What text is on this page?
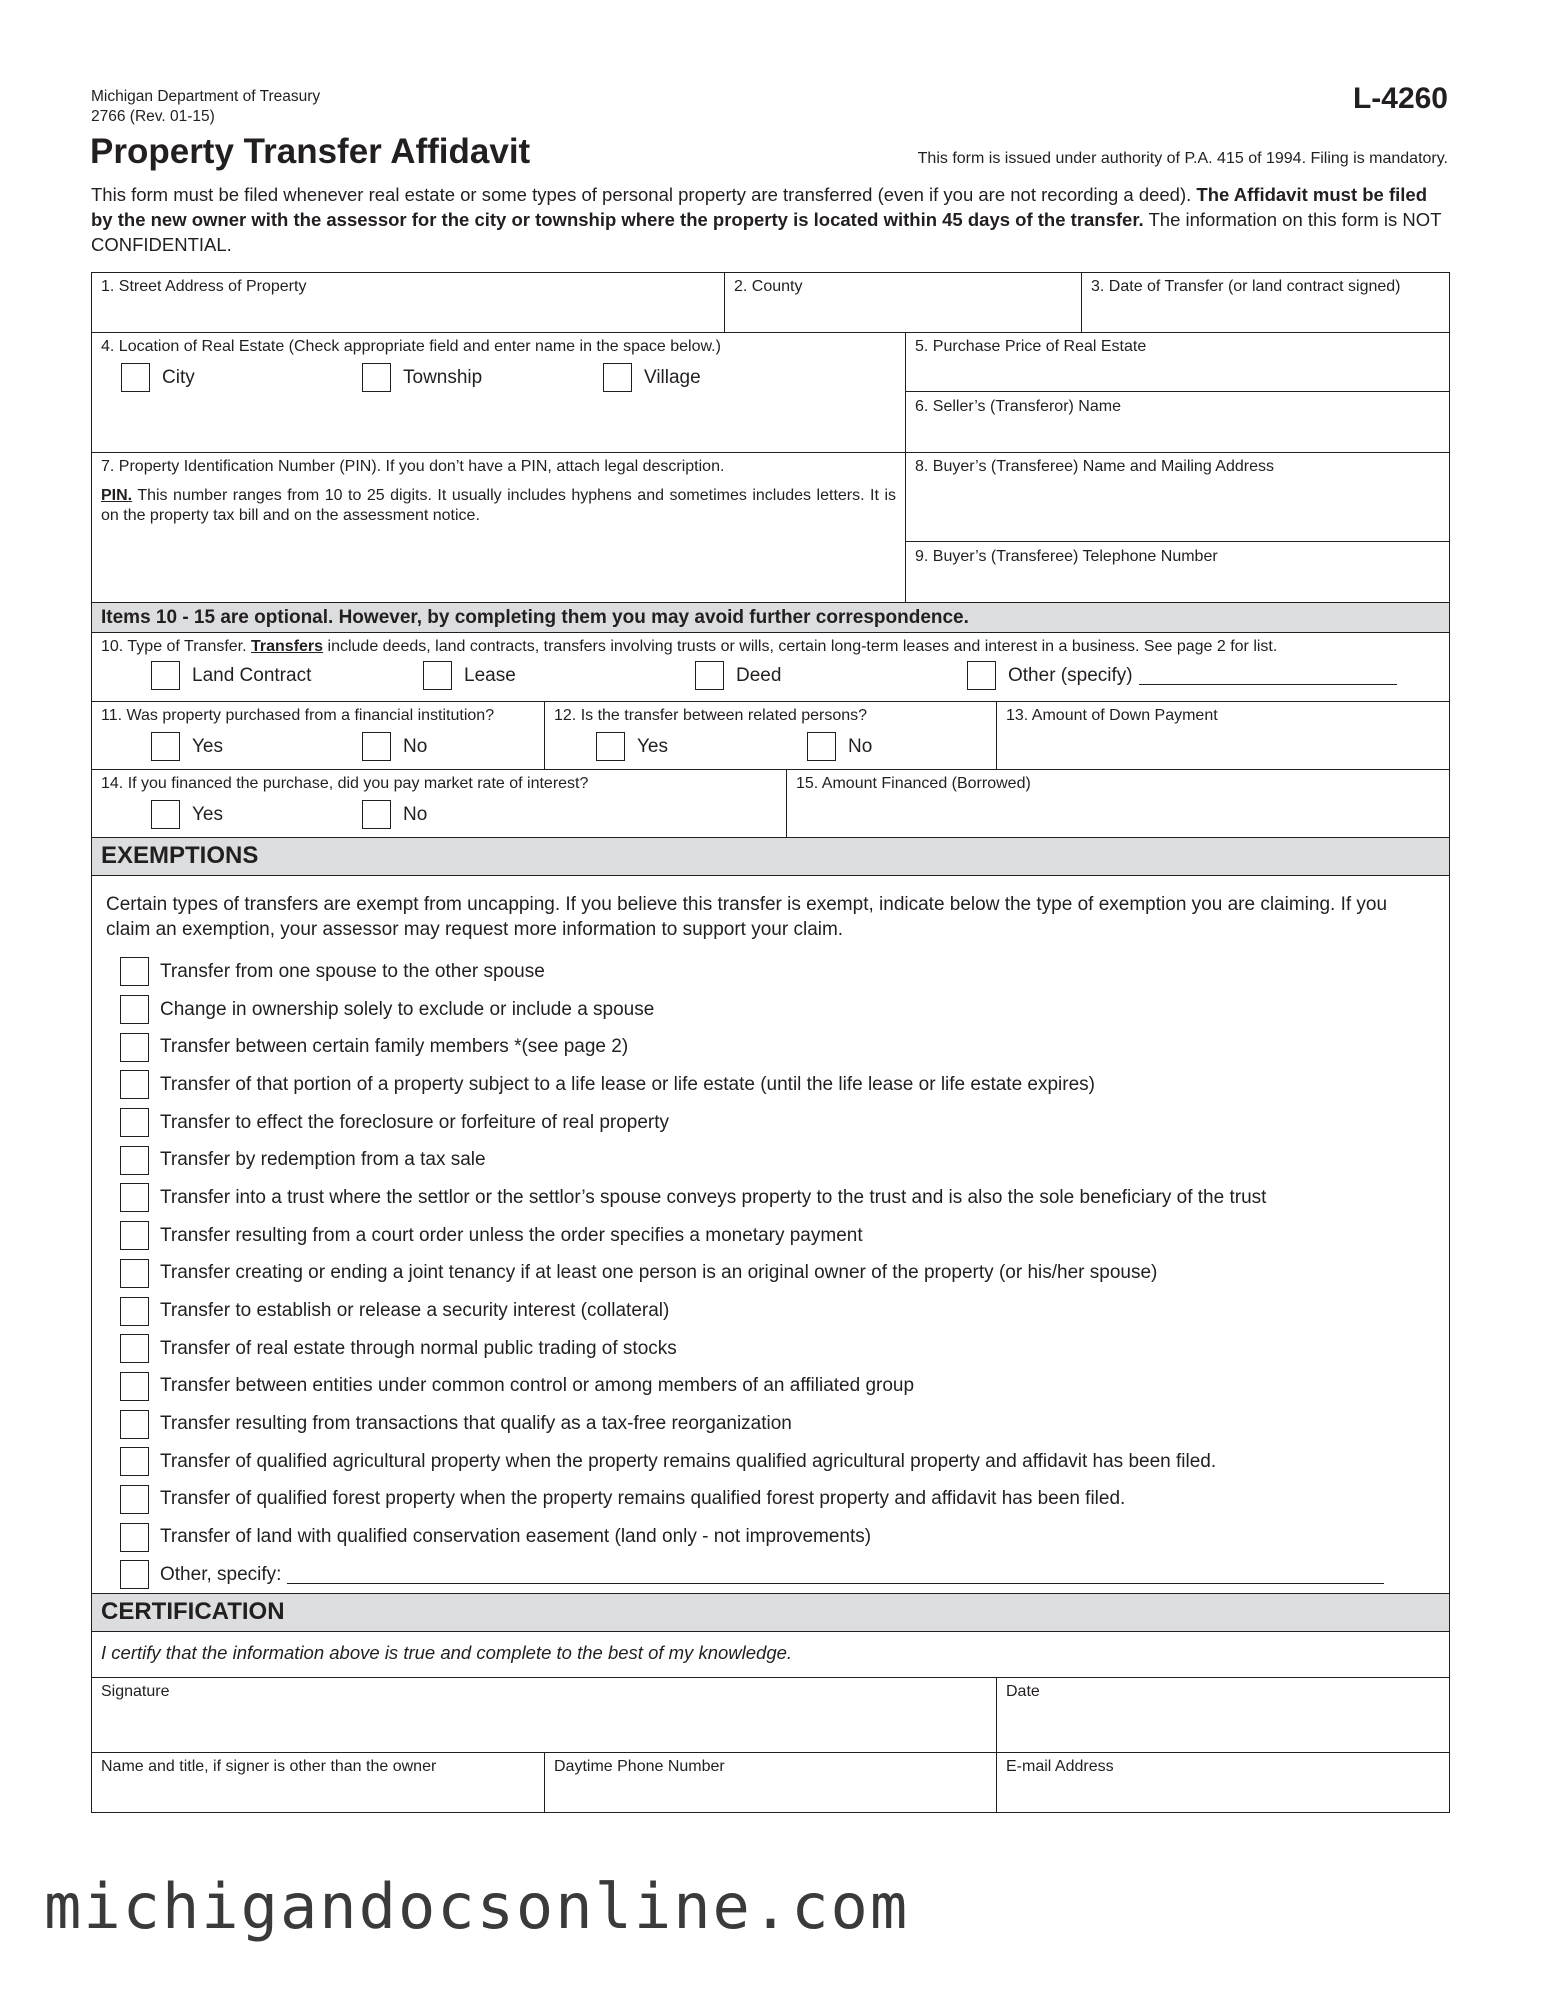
Michigan Department of Treasury
2766 (Rev. 01-15)
L-4260
Property Transfer Affidavit	This form is issued under authority of P.A. 415 of 1994. Filing is mandatory.
This form must be filed whenever real estate or some types of personal property are transferred (even if you are not recording a deed). The Affidavit must be filed by the new owner with the assessor for the city or township where the property is located within 45 days of the transfer. The information on this form is NOT CONFIDENTIAL.
1. Street Address of Property	2. County	3. Date of Transfer (or land contract signed)
4. Location of Real Estate (Check appropriate field and enter name in the space below.)
City	Township	Village
5. Purchase Price of Real Estate
6. Seller’s (Transferor) Name
7. Property Identification Number (PIN). If you don’t have a PIN, attach legal description.
PIN. This number ranges from 10 to 25 digits. It usually includes hyphens and sometimes includes letters. It is on the property tax bill and on the assessment notice.
8. Buyer’s (Transferee) Name and Mailing Address
9. Buyer’s (Transferee) Telephone Number
Items 10 - 15 are optional. However, by completing them you may avoid further correspondence.
10. Type of Transfer. Transfers include deeds, land contracts, transfers involving trusts or wills, certain long-term leases and interest in a business. See page 2 for list.
Land Contract	Lease	Deed	Other (specify)
11. Was property purchased from a financial institution?
Yes	No
12. Is the transfer between related persons?
Yes	No
13. Amount of Down Payment
14. If you financed the purchase, did you pay market rate of interest?
Yes	No
15. Amount Financed (Borrowed)
EXEMPTIONS
Certain types of transfers are exempt from uncapping. If you believe this transfer is exempt, indicate below the type of exemption you are claiming. If you claim an exemption, your assessor may request more information to support your claim.
Transfer from one spouse to the other spouse
Change in ownership solely to exclude or include a spouse
Transfer between certain family members *(see page 2)
Transfer of that portion of a property subject to a life lease or life estate (until the life lease or life estate expires)
Transfer to effect the foreclosure or forfeiture of real property
Transfer by redemption from a tax sale
Transfer into a trust where the settlor or the settlor’s spouse conveys property to the trust and is also the sole beneficiary of the trust
Transfer resulting from a court order unless the order specifies a monetary payment
Transfer creating or ending a joint tenancy if at least one person is an original owner of the property (or his/her spouse)
Transfer to establish or release a security interest (collateral)
Transfer of real estate through normal public trading of stocks
Transfer between entities under common control or among members of an affiliated group
Transfer resulting from transactions that qualify as a tax-free reorganization
Transfer of qualified agricultural property when the property remains qualified agricultural property and affidavit has been filed.
Transfer of qualified forest property when the property remains qualified forest property and affidavit has been filed.
Transfer of land with qualified conservation easement (land only - not improvements)
Other, specify:
CERTIFICATION
I certify that the information above is true and complete to the best of my knowledge.
Signature	Date
Name and title, if signer is other than the owner	Daytime Phone Number	E-mail Address
michigandocsonline.com
